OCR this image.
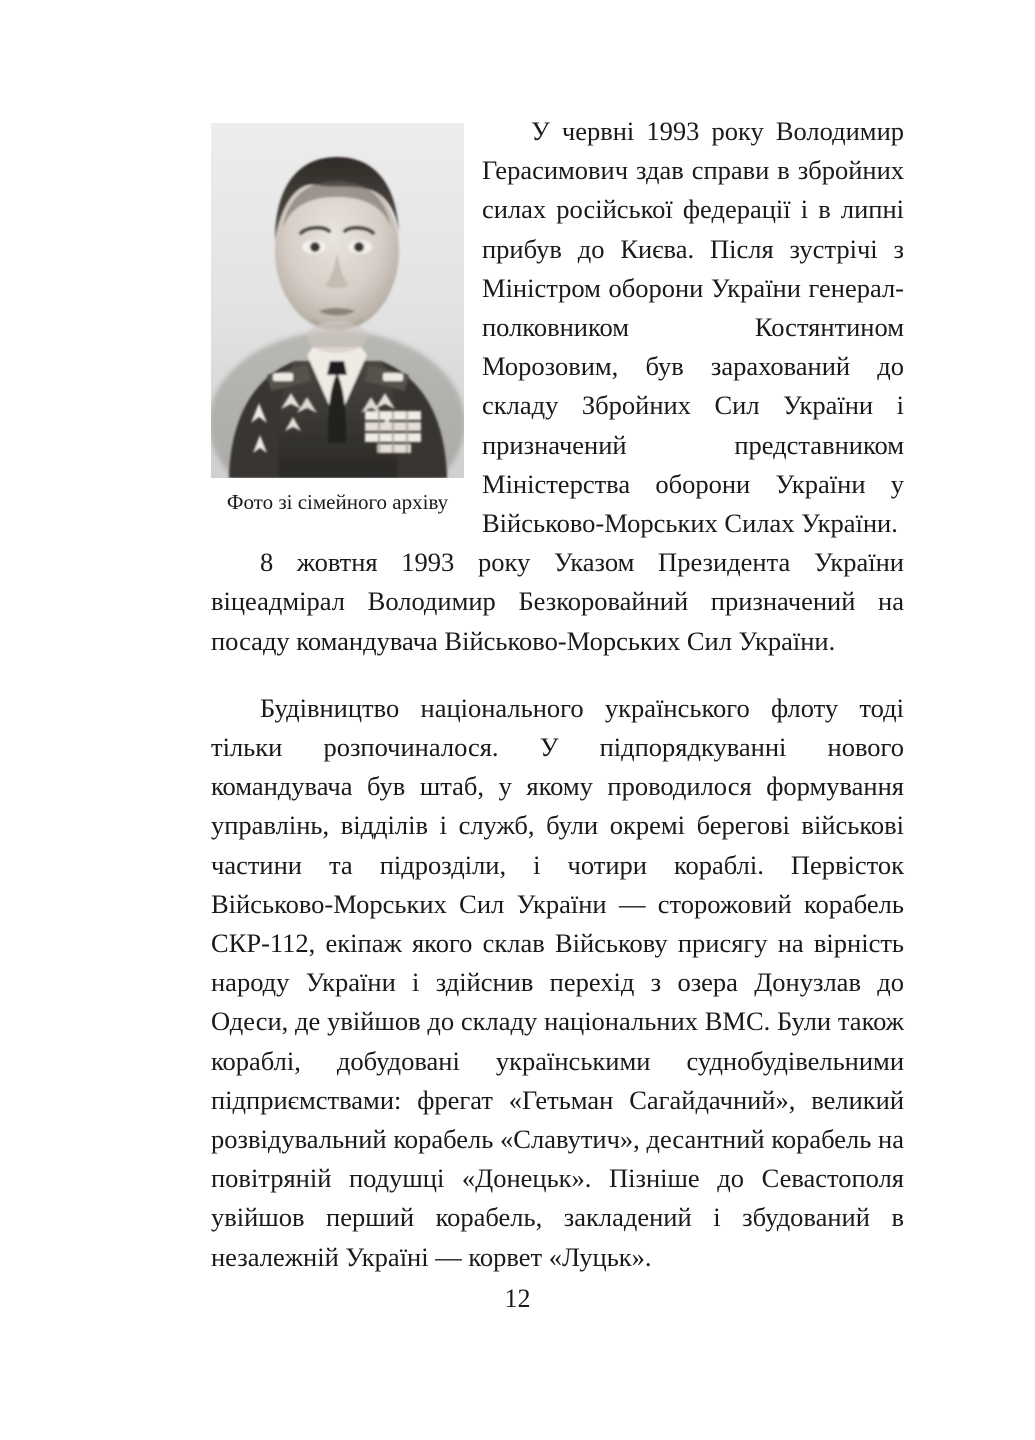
Фото зі сімейного архіву
У червні 1993 року Володимир Герасимович здав справи в збройних силах російської федерації і в липні прибув до Києва. Після зустрічі з Міністром оборони України генерал-полковником Костянтином Морозовим, був зарахований до складу Збройних Сил України і призначений представником Міністерства оборони України у Військово-Морських Силах України.

8 жовтня 1993 року Указом Президента України віцеадмірал Володимир Безкоровайний призначений на посаду командувача Військово-Морських Сил України.

Будівництво національного українського флоту тоді тільки розпочиналося. У підпорядкуванні нового командувача був штаб, у якому проводилося формування управлінь, відділів і служб, були окремі берегові військові частини та підрозділи, і чотири кораблі. Первісток Військово-Морських Сил України — сторожовий корабель СКР-112, екіпаж якого склав Військову присягу на вірність народу України і здійснив перехід з озера Донузлав до Одеси, де увійшов до складу національних ВМС. Були також кораблі, добудовані українськими суднобудівельними підприємствами: фрегат «Гетьман Сагайдачний», великий розвідувальний корабель «Славутич», десантний корабель на повітряній подушці «Донецьк». Пізніше до Севастополя увійшов перший корабель, закладений і збудований в незалежній Україні — корвет «Луцьк».

12
